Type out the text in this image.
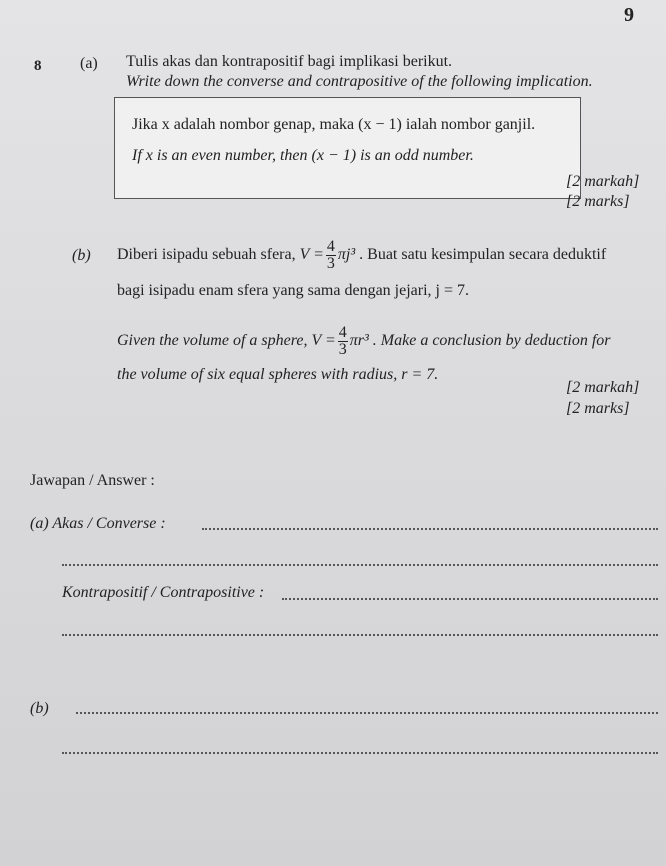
9
8 (a) Tulis akas dan kontrapositif bagi implikasi berikut.
Write down the converse and contrapositive of the following implication.
Jika x adalah nombor genap, maka (x − 1) ialah nombor ganjil.
If x is an even number, then (x − 1) is an odd number.
[2 markah]
[2 marks]
(b) Diberi isipadu sebuah sfera, $V = \frac{4}{3} \pi j^3$ . Buat satu kesimpulan secara deduktif
bagi isipadu enam sfera yang sama dengan jejari, j = 7.
Given the volume of a sphere, $V = \frac{4}{3} \pi r^3$ . Make a conclusion by deduction for
the volume of six equal spheres with radius, r = 7.
[2 markah]
[2 marks]
Jawapan / Answer :
(a) Akas / Converse :
Kontrapositif / Contrapositive :
(b)
